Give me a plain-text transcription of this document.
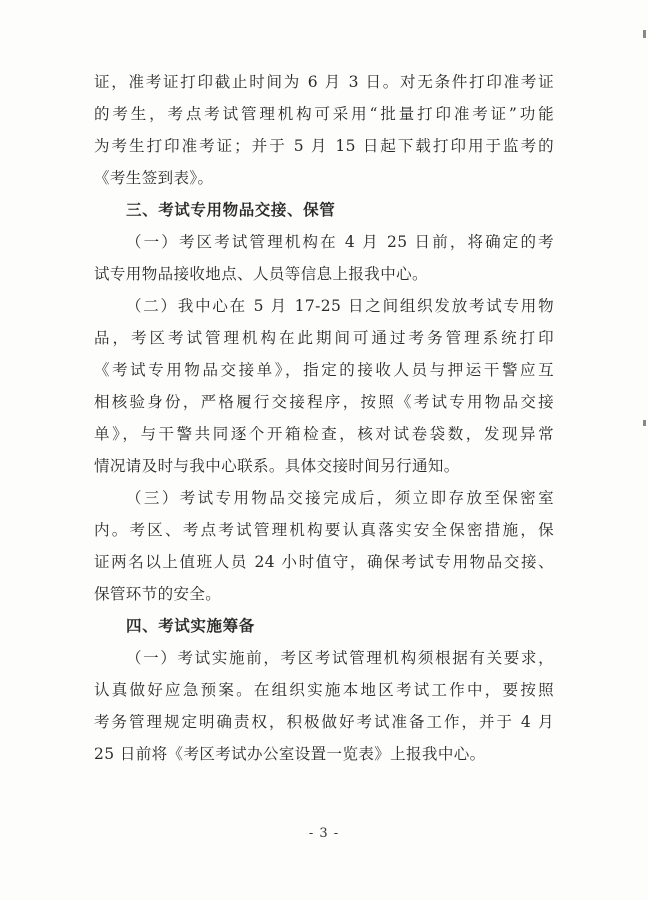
证，准考证打印截止时间为 6 月 3 日。对无条件打印准考证
的考生，考点考试管理机构可采用“批量打印准考证”功能
为考生打印准考证；并于 5 月 15 日起下载打印用于监考的
《考生签到表》。
三、考试专用物品交接、保管
（一）考区考试管理机构在 4 月 25 日前，将确定的考
试专用物品接收地点、人员等信息上报我中心。
（二）我中心在 5 月 17-25 日之间组织发放考试专用物
品，考区考试管理机构在此期间可通过考务管理系统打印
《考试专用物品交接单》，指定的接收人员与押运干警应互
相核验身份，严格履行交接程序，按照《考试专用物品交接
单》，与干警共同逐个开箱检查，核对试卷袋数，发现异常
情况请及时与我中心联系。具体交接时间另行通知。
（三）考试专用物品交接完成后，须立即存放至保密室
内。考区、考点考试管理机构要认真落实安全保密措施，保
证两名以上值班人员 24 小时值守，确保考试专用物品交接、
保管环节的安全。
四、考试实施筹备
（一）考试实施前，考区考试管理机构须根据有关要求，
认真做好应急预案。在组织实施本地区考试工作中，要按照
考务管理规定明确责权，积极做好考试准备工作，并于 4 月
25 日前将《考区考试办公室设置一览表》上报我中心。
- 3 -
